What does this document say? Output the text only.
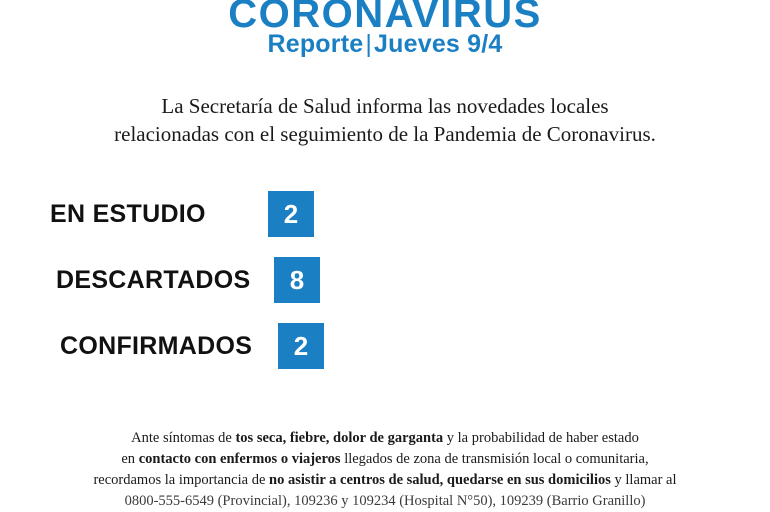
CORONAVIRUS
Reporte|Jueves 9/4
La Secretaría de Salud informa las novedades locales
relacionadas con el seguimiento de la Pandemia de Coronavirus.
EN ESTUDIO	2
DESCARTADOS	8
CONFIRMADOS	2
Ante síntomas de tos seca, fiebre, dolor de garganta y la probabilidad de haber estado
en contacto con enfermos o viajeros llegados de zona de transmisión local o comunitaria,
recordamos la importancia de no asistir a centros de salud, quedarse en sus domicilios y llamar al
0800-555-6549 (Provincial), 109236 y 109234 (Hospital N°50), 109239 (Barrio Granillo)
